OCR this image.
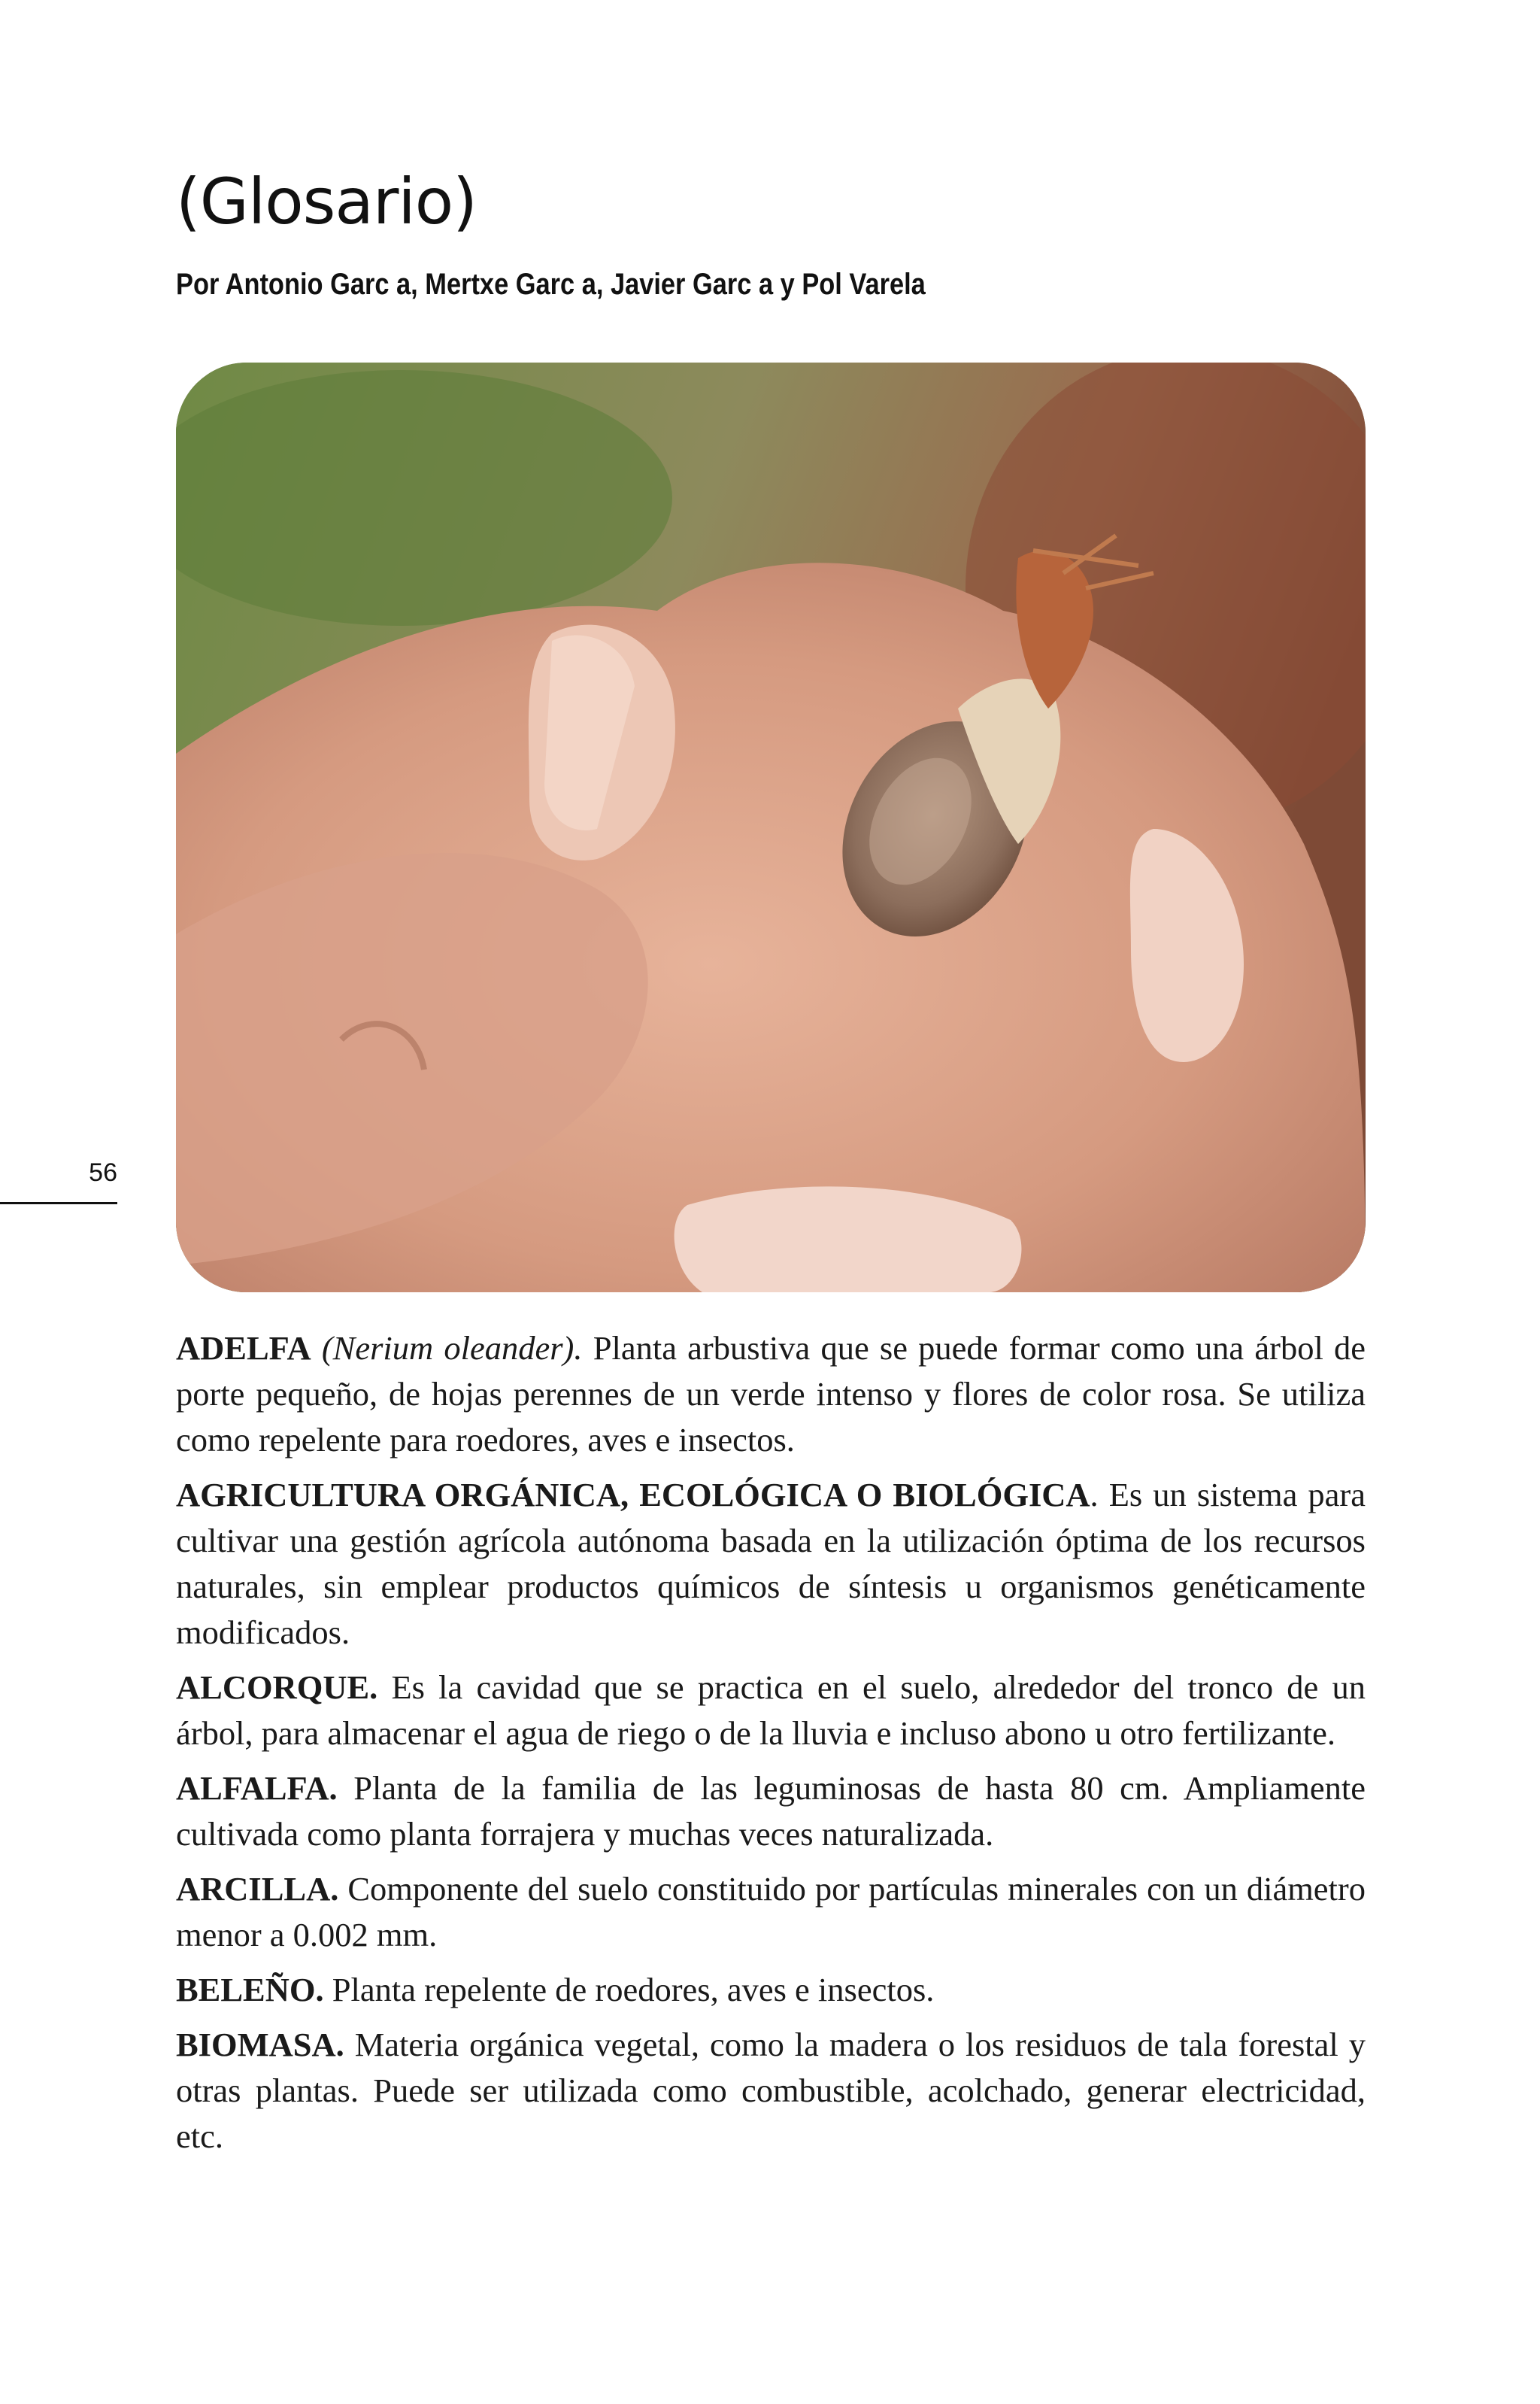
(Glosario)

Por Antonio Garc a, Mertxe Garc a, Javier Garc a y Pol Varela

56

ADELFA (Nerium oleander). Planta arbustiva que se puede formar como una árbol de porte pequeño, de hojas perennes de un verde intenso y flores de color rosa. Se utiliza como repelente para roedores, aves e insectos.

AGRICULTURA ORGÁNICA, ECOLÓGICA O BIOLÓGICA. Es un sistema para cultivar una gestión agrícola autónoma basada en la utilización óptima de los recursos naturales, sin emplear productos químicos de síntesis u organismos genéticamente modificados.

ALCORQUE. Es la cavidad que se practica en el suelo, alrededor del tronco de un árbol, para almacenar el agua de riego o de la lluvia e incluso abono u otro fertilizante.

ALFALFA. Planta de la familia de las leguminosas de hasta 80 cm. Ampliamente cultivada como planta forrajera y muchas veces naturalizada.

ARCILLA. Componente del suelo constituido por partículas minerales con un diámetro menor a 0.002 mm.

BELEÑO. Planta repelente de roedores, aves e insectos.

BIOMASA. Materia orgánica vegetal, como la madera o los residuos de tala forestal y otras plantas. Puede ser utilizada como combustible, acolchado, generar electricidad, etc.
